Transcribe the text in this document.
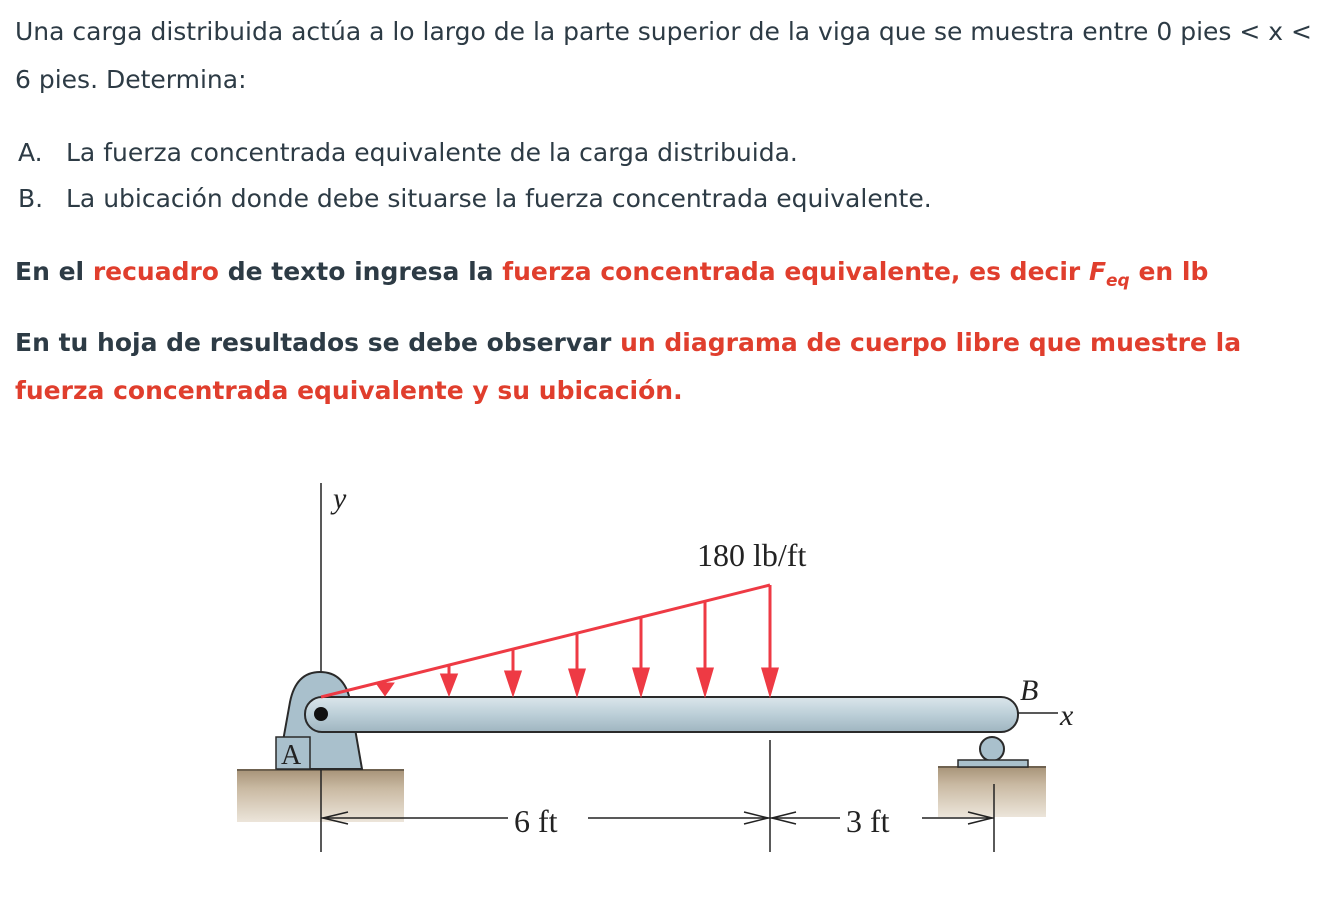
Una carga distribuida actúa a lo largo de la parte superior de la viga que se muestra entre 0 pies < x < 6 pies. Determina:

A. La fuerza concentrada equivalente de la carga distribuida.
B. La ubicación donde debe situarse la fuerza concentrada equivalente.

En el recuadro de texto ingresa la fuerza concentrada equivalente, es decir $F_{eq}$ en lb

En tu hoja de resultados se debe observar un diagrama de cuerpo libre que muestre la fuerza concentrada equivalente y su ubicación.

y
A
180 lb/ft
B
x
6 ft	3 ft
